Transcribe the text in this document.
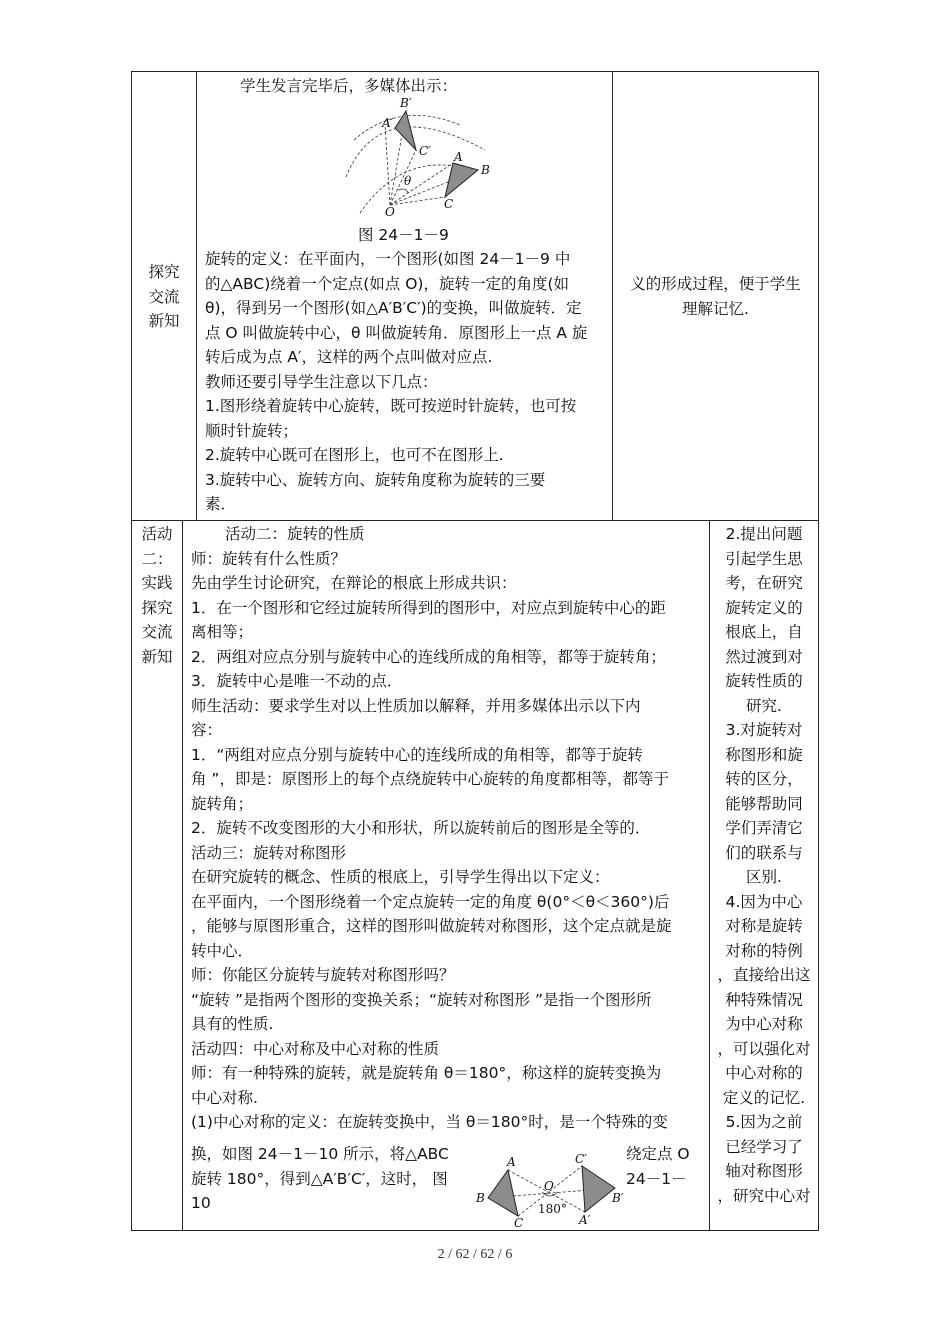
探究
交流
新知
学生发言完毕后，多媒体出示：
B′
A′
C′ A
B
C
O
θ
图 24－1－9
旋转的定义：在平面内，一个图形(如图 24－1－9 中
的△ABC)绕着一个定点(如点 O)，旋转一定的角度(如
θ)，得到另一个图形(如△A′B′C′)的变换，叫做旋转．定
点 O 叫做旋转中心，θ 叫做旋转角．原图形上一点 A 旋
转后成为点 A′，这样的两个点叫做对应点.
教师还要引导学生注意以下几点：
1.图形绕着旋转中心旋转，既可按逆时针旋转，也可按
顺时针旋转；
2.旋转中心既可在图形上，也可不在图形上.
3.旋转中心、旋转方向、旋转角度称为旋转的三要
素．
义的形成过程，便于学生
理解记忆.
活动
二：
实践
探究
交流
新知
活动二：旋转的性质
师：旋转有什么性质？
先由学生讨论研究，在辩论的根底上形成共识：
1．在一个图形和它经过旋转所得到的图形中，对应点到旋转中心的距
离相等；
2．两组对应点分别与旋转中心的连线所成的角相等，都等于旋转角；
3．旋转中心是唯一不动的点．
师生活动：要求学生对以上性质加以解释，并用多媒体出示以下内
容：
1．“两组对应点分别与旋转中心的连线所成的角相等，都等于旋转
角 ”，即是：原图形上的每个点绕旋转中心旋转的角度都相等，都等于
旋转角；
2．旋转不改变图形的大小和形状，所以旋转前后的图形是全等的．
活动三：旋转对称图形
在研究旋转的概念、性质的根底上，引导学生得出以下定义：
在平面内，一个图形绕着一个定点旋转一定的角度 θ(0°＜θ＜360°)后
，能够与原图形重合，这样的图形叫做旋转对称图形，这个定点就是旋
转中心．
师：你能区分旋转与旋转对称图形吗？
“旋转 ”是指两个图形的变换关系；“旋转对称图形 ”是指一个图形所
具有的性质.
活动四：中心对称及中心对称的性质
师：有一种特殊的旋转，就是旋转角 θ＝180°，称这样的旋转变换为
中心对称.
(1)中心对称的定义：在旋转变换中，当 θ＝180°时，是一个特殊的变
换，如图 24－1－10 所示，将△ABC
旋转 180°，得到△A′B′C′，这时， 图
10
绕定点 O
24－1－
A
B
C
C′
B′
A′
O
180°
2.提出问题
引起学生思
考，在研究
旋转定义的
根底上，自
然过渡到对
旋转性质的
研究.
3.对旋转对
称图形和旋
转的区分，
能够帮助同
学们弄清它
们的联系与
区别.
4.因为中心
对称是旋转
对称的特例
，直接给出这
种特殊情况
为中心对称
，可以强化对
中心对称的
定义的记忆.
5.因为之前
已经学习了
轴对称图形
，研究中心对
2 / 62 / 62 / 6
